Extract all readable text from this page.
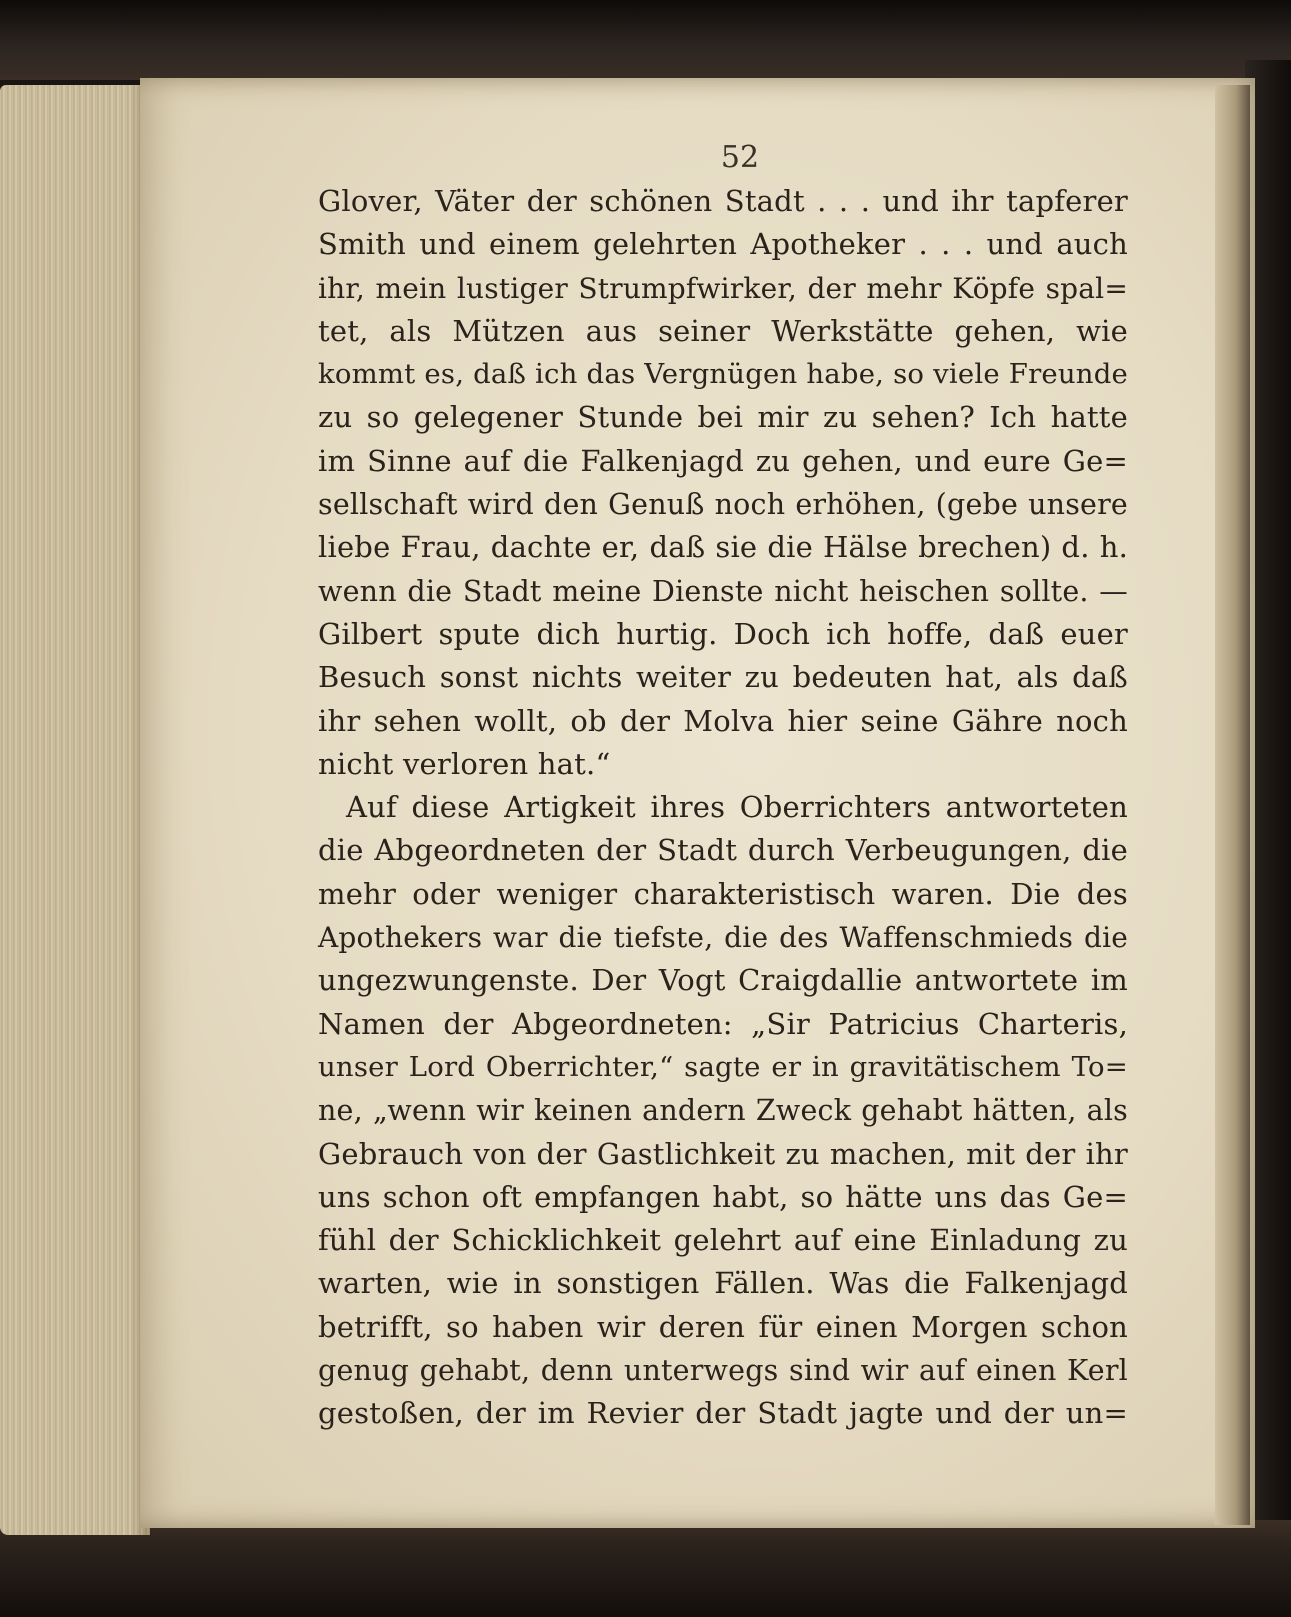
52
Glover, Väter der schönen Stadt . . . und ihr tapferer
Smith und einem gelehrten Apotheker . . . und auch
ihr, mein lustiger Strumpfwirker, der mehr Köpfe spal=
tet, als Mützen aus seiner Werkstätte gehen, wie
kommt es, daß ich das Vergnügen habe, so viele Freunde
zu so gelegener Stunde bei mir zu sehen? Ich hatte
im Sinne auf die Falkenjagd zu gehen, und eure Ge=
sellschaft wird den Genuß noch erhöhen, (gebe unsere
liebe Frau, dachte er, daß sie die Hälse brechen) d. h.
wenn die Stadt meine Dienste nicht heischen sollte. —
Gilbert spute dich hurtig. Doch ich hoffe, daß euer
Besuch sonst nichts weiter zu bedeuten hat, als daß
ihr sehen wollt, ob der Molva hier seine Gähre noch
nicht verloren hat.“
Auf diese Artigkeit ihres Oberrichters antworteten
die Abgeordneten der Stadt durch Verbeugungen, die
mehr oder weniger charakteristisch waren. Die des
Apothekers war die tiefste, die des Waffenschmieds die
ungezwungenste. Der Vogt Craigdallie antwortete im
Namen der Abgeordneten: „Sir Patricius Charteris,
unser Lord Oberrichter,“ sagte er in gravitätischem To=
ne, „wenn wir keinen andern Zweck gehabt hätten, als
Gebrauch von der Gastlichkeit zu machen, mit der ihr
uns schon oft empfangen habt, so hätte uns das Ge=
fühl der Schicklichkeit gelehrt auf eine Einladung zu
warten, wie in sonstigen Fällen. Was die Falkenjagd
betrifft, so haben wir deren für einen Morgen schon
genug gehabt, denn unterwegs sind wir auf einen Kerl
gestoßen, der im Revier der Stadt jagte und der un=
